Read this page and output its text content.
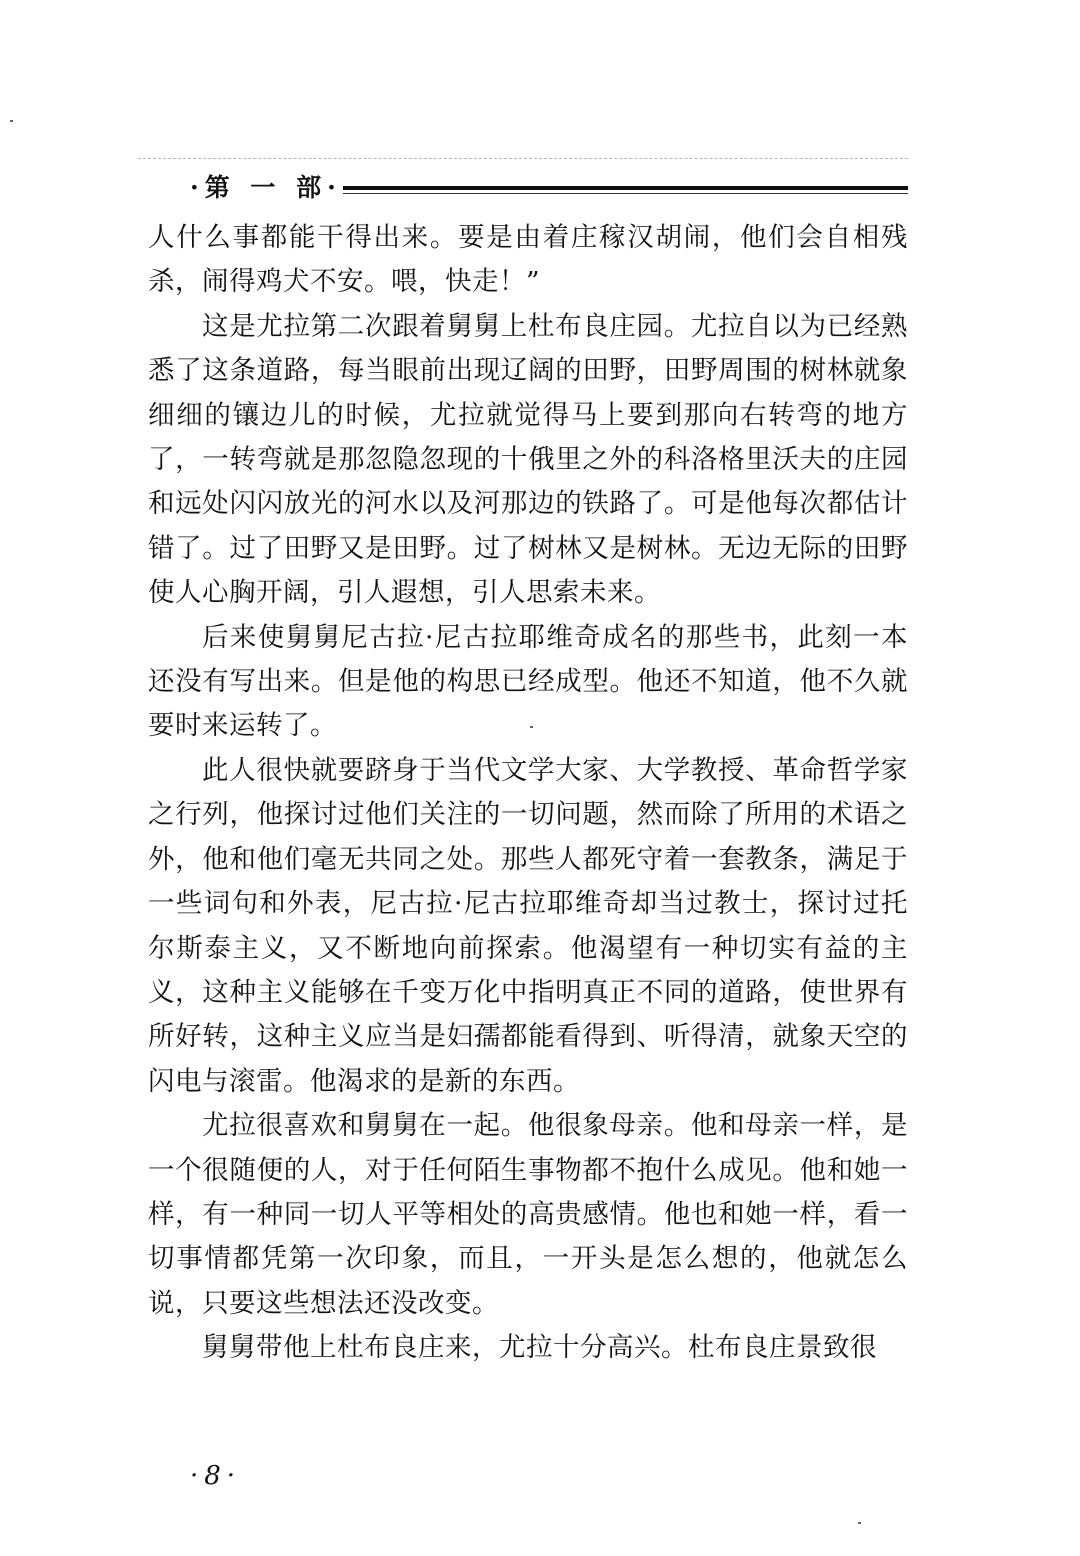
·第 一 部·

人什么事都能干得出来。要是由着庄稼汉胡闹，他们会自相残杀，闹得鸡犬不安。喂，快走！”

这是尤拉第二次跟着舅舅上杜布良庄园。尤拉自以为已经熟悉了这条道路，每当眼前出现辽阔的田野，田野周围的树林就象细细的镶边儿的时候，尤拉就觉得马上要到那向右转弯的地方了，一转弯就是那忽隐忽现的十俄里之外的科洛格里沃夫的庄园和远处闪闪放光的河水以及河那边的铁路了。可是他每次都估计错了。过了田野又是田野。过了树林又是树林。无边无际的田野使人心胸开阔，引人遐想，引人思索未来。

后来使舅舅尼古拉·尼古拉耶维奇成名的那些书，此刻一本还没有写出来。但是他的构思已经成型。他还不知道，他不久就要时来运转了。

此人很快就要跻身于当代文学大家、大学教授、革命哲学家之行列，他探讨过他们关注的一切问题，然而除了所用的术语之外，他和他们毫无共同之处。那些人都死守着一套教条，满足于一些词句和外表，尼古拉·尼古拉耶维奇却当过教士，探讨过托尔斯泰主义，又不断地向前探索。他渴望有一种切实有益的主义，这种主义能够在千变万化中指明真正不同的道路，使世界有所好转，这种主义应当是妇孺都能看得到、听得清，就象天空的闪电与滚雷。他渴求的是新的东西。

尤拉很喜欢和舅舅在一起。他很象母亲。他和母亲一样，是一个很随便的人，对于任何陌生事物都不抱什么成见。他和她一样，有一种同一切人平等相处的高贵感情。他也和她一样，看一切事情都凭第一次印象，而且，一开头是怎么想的，他就怎么说，只要这些想法还没改变。

舅舅带他上杜布良庄来，尤拉十分高兴。杜布良庄景致很

·8·
